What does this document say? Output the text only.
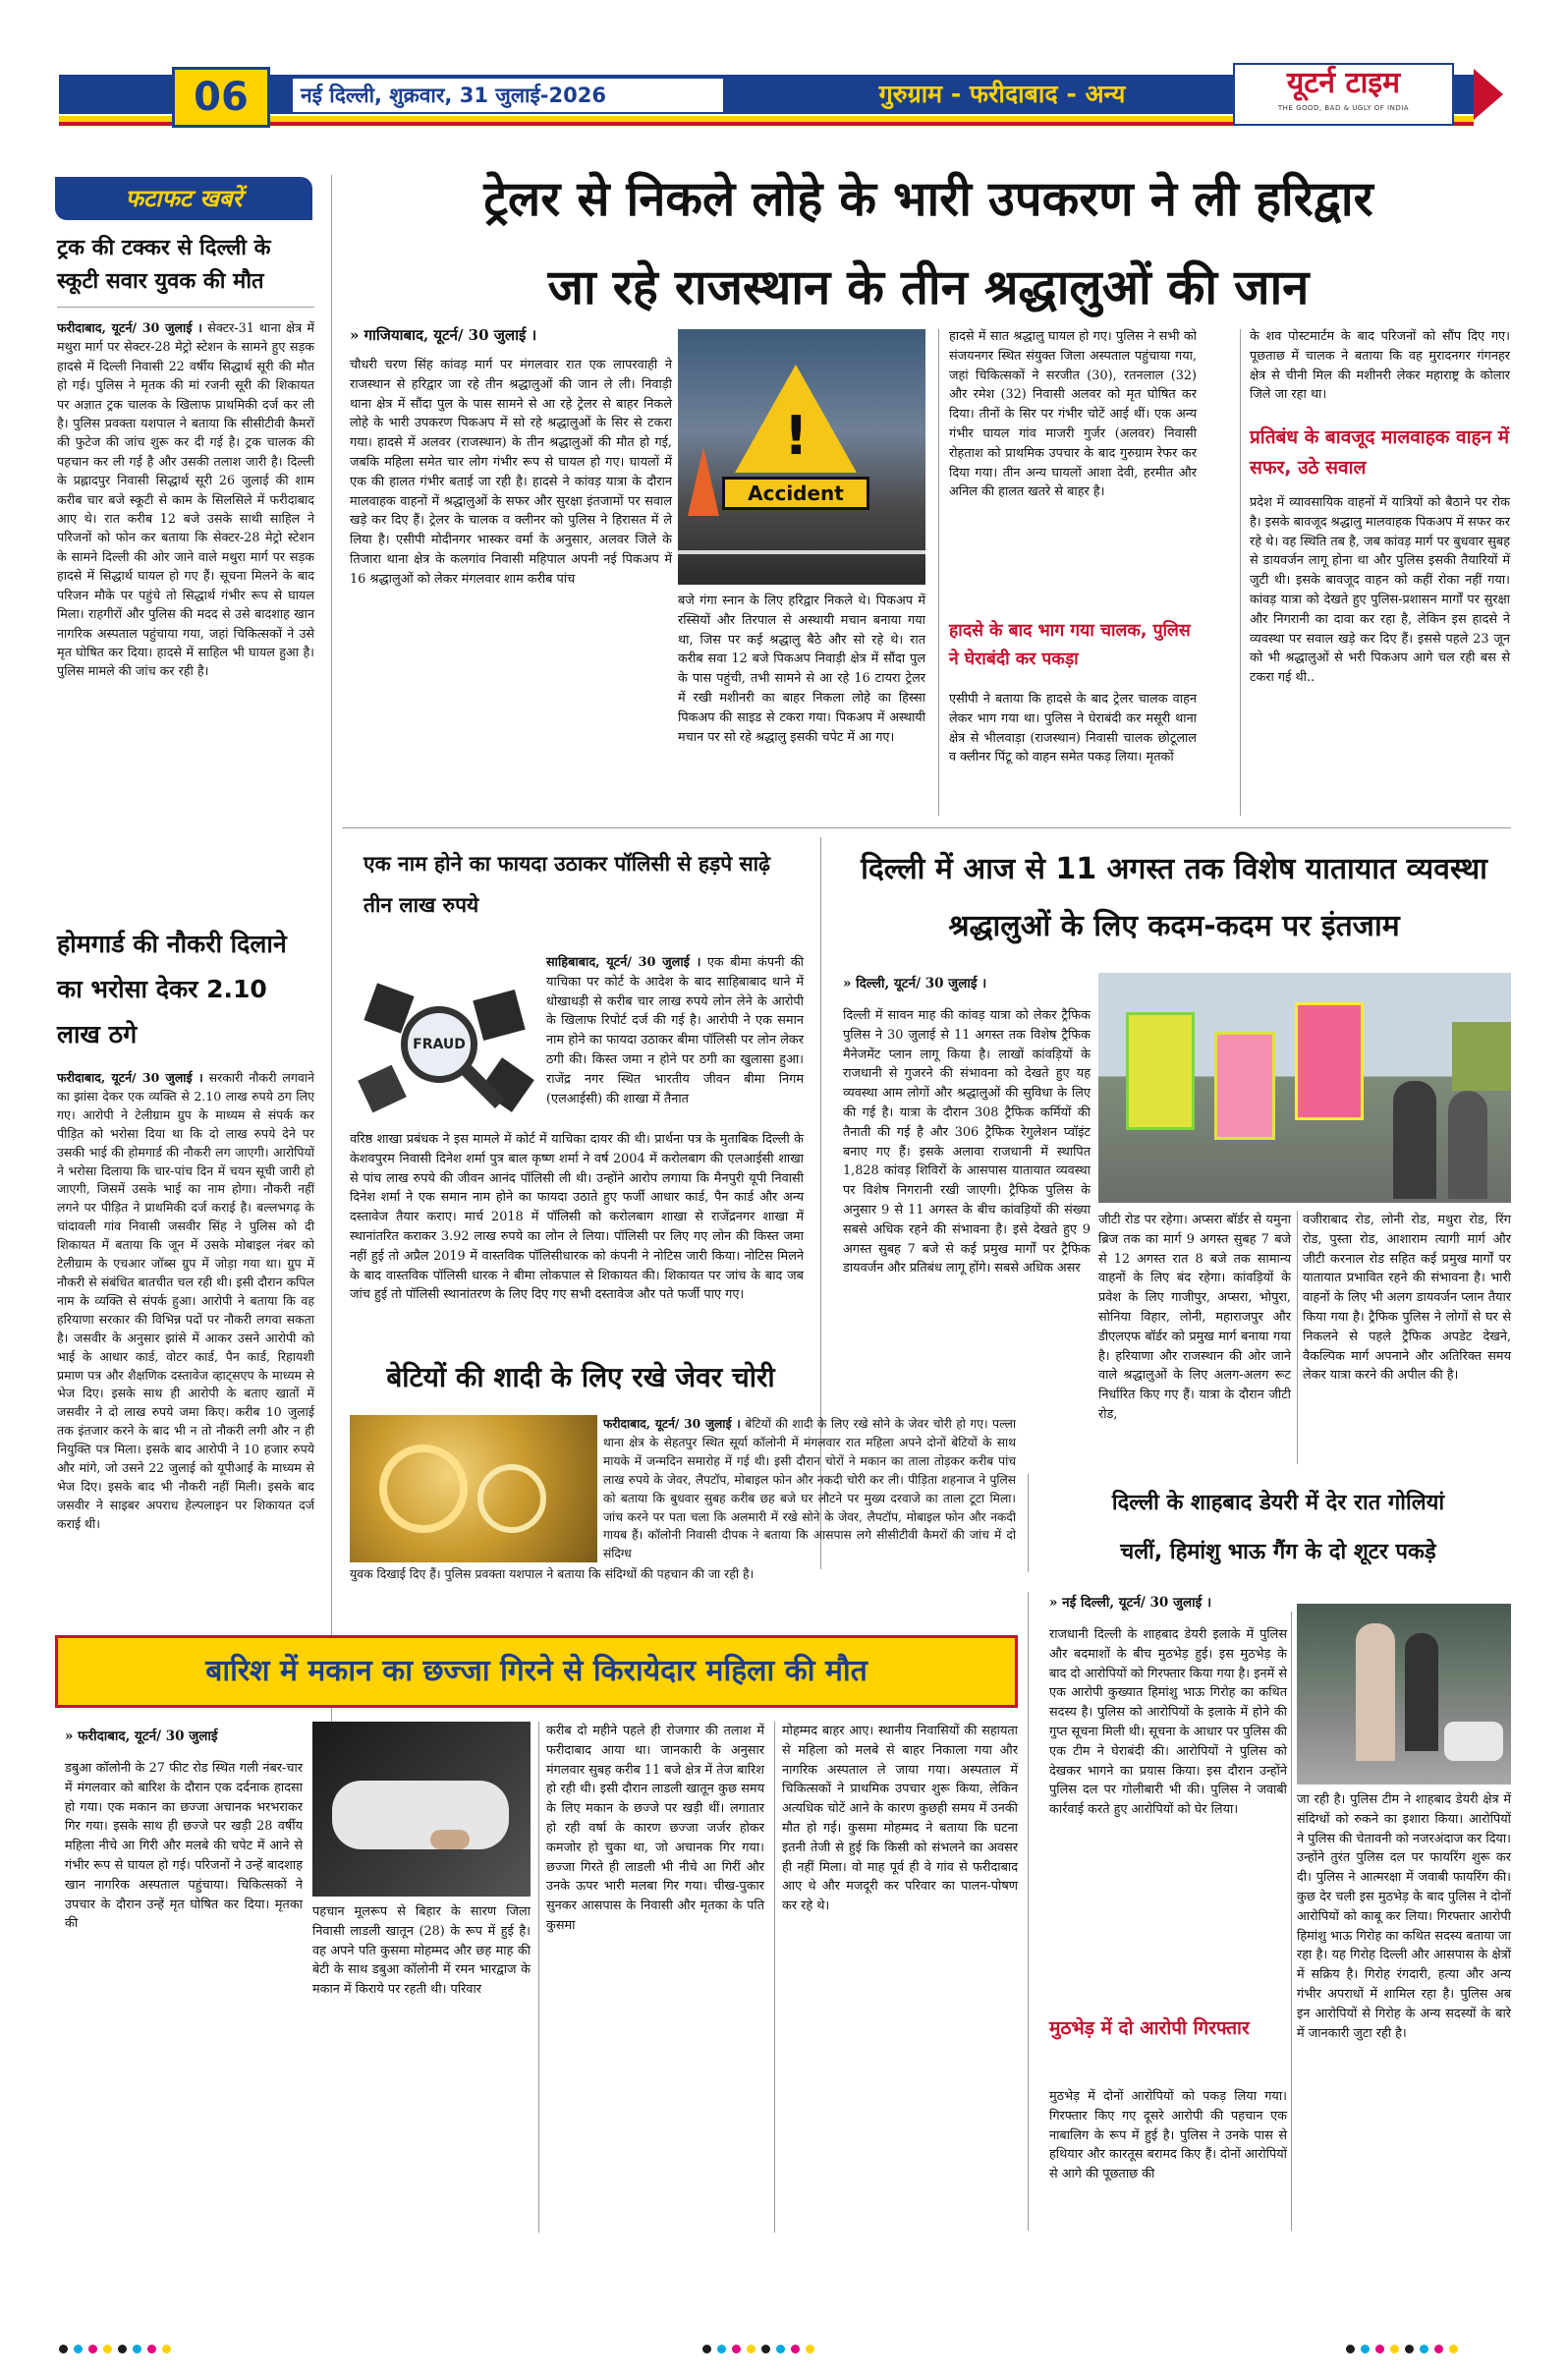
06	नई दिल्ली, शुक्रवार, 31 जुलाई-2026	गुरुग्राम - फरीदाबाद - अन्य	यूटर्न टाइम
THE GOOD, BAD & UGLY OF INDIA
फटाफट खबरें
ट्रक की टक्कर से दिल्ली के स्कूटी सवार युवक की मौत
फरीदाबाद, यूटर्न/ 30 जुलाई । सेक्टर-31 थाना क्षेत्र में मथुरा मार्ग पर सेक्टर-28 मेट्रो स्टेशन के सामने हुए सड़क हादसे में दिल्ली निवासी 22 वर्षीय सिद्धार्थ सूरी की मौत हो गई। पुलिस ने मृतक की मां रजनी सूरी की शिकायत पर अज्ञात ट्रक चालक के खिलाफ प्राथमिकी दर्ज कर ली है। पुलिस प्रवक्ता यशपाल ने बताया कि सीसीटीवी कैमरों की फुटेज की जांच शुरू कर दी गई है। ट्रक चालक की पहचान कर ली गई है और उसकी तलाश जारी है। दिल्ली के प्रह्लादपुर निवासी सिद्धार्थ सूरी 26 जुलाई की शाम करीब चार बजे स्कूटी से काम के सिलसिले में फरीदाबाद आए थे। रात करीब 12 बजे उसके साथी साहिल ने परिजनों को फोन कर बताया कि सेक्टर-28 मेट्रो स्टेशन के सामने दिल्ली की ओर जाने वाले मथुरा मार्ग पर सड़क हादसे में सिद्धार्थ घायल हो गए हैं। सूचना मिलने के बाद परिजन मौके पर पहुंचे तो सिद्धार्थ गंभीर रूप से घायल मिला। राहगीरों और पुलिस की मदद से उसे बादशाह खान नागरिक अस्पताल पहुंचाया गया, जहां चिकित्सकों ने उसे मृत घोषित कर दिया। हादसे में साहिल भी घायल हुआ है। पुलिस मामले की जांच कर रही है।
होमगार्ड की नौकरी दिलाने का भरोसा देकर 2.10 लाख ठगे
फरीदाबाद, यूटर्न/ 30 जुलाई । सरकारी नौकरी लगवाने का झांसा देकर एक व्यक्ति से 2.10 लाख रुपये ठग लिए गए। आरोपी ने टेलीग्राम ग्रुप के माध्यम से संपर्क कर पीड़ित को भरोसा दिया था कि दो लाख रुपये देने पर उसकी भाई की होमगार्ड की नौकरी लग जाएगी। आरोपियों ने भरोसा दिलाया कि चार-पांच दिन में चयन सूची जारी हो जाएगी, जिसमें उसके भाई का नाम होगा। नौकरी नहीं लगने पर पीड़ित ने प्राथमिकी दर्ज कराई है। बल्लभगढ़ के चांदावली गांव निवासी जसवीर सिंह ने पुलिस को दी शिकायत में बताया कि जून में उसके मोबाइल नंबर को टेलीग्राम के एचआर जॉब्स ग्रुप में जोड़ा गया था। ग्रुप में नौकरी से संबंधित बातचीत चल रही थी। इसी दौरान कपिल नाम के व्यक्ति से संपर्क हुआ। आरोपी ने बताया कि वह हरियाणा सरकार की विभिन्न पदों पर नौकरी लगवा सकता है। जसवीर के अनुसार झांसे में आकर उसने आरोपी को भाई के आधार कार्ड, वोटर कार्ड, पैन कार्ड, रिहायशी प्रमाण पत्र और शैक्षणिक दस्तावेज व्हाट्सएप के माध्यम से भेज दिए। इसके साथ ही आरोपी के बताए खातों में जसवीर ने दो लाख रुपये जमा किए। करीब 10 जुलाई तक इंतजार करने के बाद भी न तो नौकरी लगी और न ही नियुक्ति पत्र मिला। इसके बाद आरोपी ने 10 हजार रुपये और मांगे, जो उसने 22 जुलाई को यूपीआई के माध्यम से भेज दिए। इसके बाद भी नौकरी नहीं मिली। इसके बाद जसवीर ने साइबर अपराध हेल्पलाइन पर शिकायत दर्ज कराई थी।
ट्रेलर से निकले लोहे के भारी उपकरण ने ली हरिद्वार
जा रहे राजस्थान के तीन श्रद्धालुओं की जान
» गाजियाबाद, यूटर्न/ 30 जुलाई ।
चौधरी चरण सिंह कांवड़ मार्ग पर मंगलवार रात एक लापरवाही ने राजस्थान से हरिद्वार जा रहे तीन श्रद्धालुओं की जान ले ली। निवाड़ी थाना क्षेत्र में सौंदा पुल के पास सामने से आ रहे ट्रेलर से बाहर निकले लोहे के भारी उपकरण पिकअप में सो रहे श्रद्धालुओं के सिर से टकरा गया। हादसे में अलवर (राजस्थान) के तीन श्रद्धालुओं की मौत हो गई, जबकि महिला समेत चार लोग गंभीर रूप से घायल हो गए। घायलों में एक की हालत गंभीर बताई जा रही है। हादसे ने कांवड़ यात्रा के दौरान मालवाहक वाहनों में श्रद्धालुओं के सफर और सुरक्षा इंतजामों पर सवाल खड़े कर दिए हैं। ट्रेलर के चालक व क्लीनर को पुलिस ने हिरासत में ले लिया है। एसीपी मोदीनगर भास्कर वर्मा के अनुसार, अलवर जिले के तिजारा थाना क्षेत्र के कलगांव निवासी महिपाल अपनी नई पिकअप में 16 श्रद्धालुओं को लेकर मंगलवार शाम करीब पांच
!
Accident
बजे गंगा स्नान के लिए हरिद्वार निकले थे। पिकअप में रस्सियों और तिरपाल से अस्थायी मचान बनाया गया था, जिस पर कई श्रद्धालु बैठे और सो रहे थे। रात करीब सवा 12 बजे पिकअप निवाड़ी क्षेत्र में सौंदा पुल के पास पहुंची, तभी सामने से आ रहे 16 टायरा ट्रेलर में रखी मशीनरी का बाहर निकला लोहे का हिस्सा पिकअप की साइड से टकरा गया। पिकअप में अस्थायी मचान पर सो रहे श्रद्धालु इसकी चपेट में आ गए।
हादसे में सात श्रद्धालु घायल हो गए। पुलिस ने सभी को संजयनगर स्थित संयुक्त जिला अस्पताल पहुंचाया गया, जहां चिकित्सकों ने सरजीत (30), रतनलाल (32) और रमेश (32) निवासी अलवर को मृत घोषित कर दिया। तीनों के सिर पर गंभीर चोटें आई थीं। एक अन्य गंभीर घायल गांव माजरी गुर्जर (अलवर) निवासी रोहताश को प्राथमिक उपचार के बाद गुरुग्राम रेफर कर दिया गया। तीन अन्य घायलों आशा देवी, हरमीत और अनिल की हालत खतरे से बाहर है।
हादसे के बाद भाग गया चालक, पुलिस ने घेराबंदी कर पकड़ा
एसीपी ने बताया कि हादसे के बाद ट्रेलर चालक वाहन लेकर भाग गया था। पुलिस ने घेराबंदी कर मसूरी थाना क्षेत्र से भीलवाड़ा (राजस्थान) निवासी चालक छोटूलाल व क्लीनर पिंटू को वाहन समेत पकड़ लिया। मृतकों
के शव पोस्टमार्टम के बाद परिजनों को सौंप दिए गए। पूछताछ में चालक ने बताया कि वह मुरादनगर गंगनहर क्षेत्र से चीनी मिल की मशीनरी लेकर महाराष्ट्र के कोलार जिले जा रहा था।
प्रतिबंध के बावजूद मालवाहक वाहन में सफर, उठे सवाल
प्रदेश में व्यावसायिक वाहनों में यात्रियों को बैठाने पर रोक है। इसके बावजूद श्रद्धालु मालवाहक पिकअप में सफर कर रहे थे। वह स्थिति तब है, जब कांवड़ मार्ग पर बुधवार सुबह से डायवर्जन लागू होना था और पुलिस इसकी तैयारियों में जुटी थी। इसके बावजूद वाहन को कहीं रोका नहीं गया। कांवड़ यात्रा को देखते हुए पुलिस-प्रशासन मार्गों पर सुरक्षा और निगरानी का दावा कर रहा है, लेकिन इस हादसे ने व्यवस्था पर सवाल खड़े कर दिए हैं। इससे पहले 23 जून को भी श्रद्धालुओं से भरी पिकअप आगे चल रही बस से टकरा गई थी..
एक नाम होने का फायदा उठाकर पॉलिसी से हड़पे साढ़े तीन लाख रुपये
FRAUD
साहिबाबाद, यूटर्न/ 30 जुलाई । एक बीमा कंपनी की याचिका पर कोर्ट के आदेश के बाद साहिबाबाद थाने में धोखाधड़ी से करीब चार लाख रुपये लोन लेने के आरोपी के खिलाफ रिपोर्ट दर्ज की गई है। आरोपी ने एक समान नाम होने का फायदा उठाकर बीमा पॉलिसी पर लोन लेकर ठगी की। किस्त जमा न होने पर ठगी का खुलासा हुआ। राजेंद्र नगर स्थित भारतीय जीवन बीमा निगम (एलआईसी) की शाखा में तैनात
वरिष्ठ शाखा प्रबंधक ने इस मामले में कोर्ट में याचिका दायर की थी। प्रार्थना पत्र के मुताबिक दिल्ली के केशवपुरम निवासी दिनेश शर्मा पुत्र बाल कृष्ण शर्मा ने वर्ष 2004 में करोलबाग की एलआईसी शाखा से पांच लाख रुपये की जीवन आनंद पॉलिसी ली थी। उन्होंने आरोप लगाया कि मैनपुरी यूपी निवासी दिनेश शर्मा ने एक समान नाम होने का फायदा उठाते हुए फर्जी आधार कार्ड, पैन कार्ड और अन्य दस्तावेज तैयार कराए। मार्च 2018 में पॉलिसी को करोलबाग शाखा से राजेंद्रनगर शाखा में स्थानांतरित कराकर 3.92 लाख रुपये का लोन ले लिया। पॉलिसी पर लिए गए लोन की किस्त जमा नहीं हुई तो अप्रैल 2019 में वास्तविक पॉलिसीधारक को कंपनी ने नोटिस जारी किया। नोटिस मिलने के बाद वास्तविक पॉलिसी धारक ने बीमा लोकपाल से शिकायत की। शिकायत पर जांच के बाद जब जांच हुई तो पॉलिसी स्थानांतरण के लिए दिए गए सभी दस्तावेज और पते फर्जी पाए गए।
दिल्ली में आज से 11 अगस्त तक विशेष यातायात व्यवस्था
श्रद्धालुओं के लिए कदम-कदम पर इंतजाम
» दिल्ली, यूटर्न/ 30 जुलाई ।
दिल्ली में सावन माह की कांवड़ यात्रा को लेकर ट्रैफिक पुलिस ने 30 जुलाई से 11 अगस्त तक विशेष ट्रैफिक मैनेजमेंट प्लान लागू किया है। लाखों कांवड़ियों के राजधानी से गुजरने की संभावना को देखते हुए यह व्यवस्था आम लोगों और श्रद्धालुओं की सुविधा के लिए की गई है। यात्रा के दौरान 308 ट्रैफिक कर्मियों की तैनाती की गई है और 306 ट्रैफिक रेगुलेशन प्वॉइंट बनाए गए हैं। इसके अलावा राजधानी में स्थापित 1,828 कांवड़ शिविरों के आसपास यातायात व्यवस्था पर विशेष निगरानी रखी जाएगी। ट्रैफिक पुलिस के अनुसार 9 से 11 अगस्त के बीच कांवड़ियों की संख्या सबसे अधिक रहने की संभावना है। इसे देखते हुए 9 अगस्त सुबह 7 बजे से कई प्रमुख मार्गों पर ट्रैफिक डायवर्जन और प्रतिबंध लागू होंगे। सबसे अधिक असर
जीटी रोड पर रहेगा। अप्सरा बॉर्डर से यमुना ब्रिज तक का मार्ग 9 अगस्त सुबह 7 बजे से 12 अगस्त रात 8 बजे तक सामान्य वाहनों के लिए बंद रहेगा। कांवड़ियों के प्रवेश के लिए गाजीपुर, अप्सरा, भोपुरा, सोनिया विहार, लोनी, महाराजपुर और डीएलएफ बॉर्डर को प्रमुख मार्ग बनाया गया है। हरियाणा और राजस्थान की ओर जाने वाले श्रद्धालुओं के लिए अलग-अलग रूट निर्धारित किए गए हैं। यात्रा के दौरान जीटी रोड,
वजीराबाद रोड, लोनी रोड, मथुरा रोड, रिंग रोड, पुस्ता रोड, आशाराम त्यागी मार्ग और जीटी करनाल रोड सहित कई प्रमुख मार्गों पर यातायात प्रभावित रहने की संभावना है। भारी वाहनों के लिए भी अलग डायवर्जन प्लान तैयार किया गया है। ट्रैफिक पुलिस ने लोगों से घर से निकलने से पहले ट्रैफिक अपडेट देखने, वैकल्पिक मार्ग अपनाने और अतिरिक्त समय लेकर यात्रा करने की अपील की है।
बेटियों की शादी के लिए रखे जेवर चोरी
फरीदाबाद, यूटर्न/ 30 जुलाई । बेटियों की शादी के लिए रखे सोने के जेवर चोरी हो गए। पल्ला थाना क्षेत्र के सेहतपुर स्थित सूर्या कॉलोनी में मंगलवार रात महिला अपने दोनों बेटियों के साथ मायके में जन्मदिन समारोह में गई थी। इसी दौरान चोरों ने मकान का ताला तोड़कर करीब पांच लाख रुपये के जेवर, लैपटॉप, मोबाइल फोन और नकदी चोरी कर ली। पीड़िता शहनाज ने पुलिस को बताया कि बुधवार सुबह करीब छह बजे घर लौटने पर मुख्य दरवाजे का ताला टूटा मिला। जांच करने पर पता चला कि अलमारी में रखे सोने के जेवर, लैपटॉप, मोबाइल फोन और नकदी गायब हैं। कॉलोनी निवासी दीपक ने बताया कि आसपास लगे सीसीटीवी कैमरों की जांच में दो संदिग्ध
युवक दिखाई दिए हैं। पुलिस प्रवक्ता यशपाल ने बताया कि संदिग्धों की पहचान की जा रही है।
दिल्ली के शाहबाद डेयरी में देर रात गोलियां
चलीं, हिमांशु भाऊ गैंग के दो शूटर पकड़े
» नई दिल्ली, यूटर्न/ 30 जुलाई ।
राजधानी दिल्ली के शाहबाद डेयरी इलाके में पुलिस और बदमाशों के बीच मुठभेड़ हुई। इस मुठभेड़ के बाद दो आरोपियों को गिरफ्तार किया गया है। इनमें से एक आरोपी कुख्यात हिमांशु भाऊ गिरोह का कथित सदस्य है। पुलिस को आरोपियों के इलाके में होने की गुप्त सूचना मिली थी। सूचना के आधार पर पुलिस की एक टीम ने घेराबंदी की। आरोपियों ने पुलिस को देखकर भागने का प्रयास किया। इस दौरान उन्होंने पुलिस दल पर गोलीबारी भी की। पुलिस ने जवाबी कार्रवाई करते हुए आरोपियों को घेर लिया।
मुठभेड़ में दो आरोपी गिरफ्तार
मुठभेड़ में दोनों आरोपियों को पकड़ लिया गया। गिरफ्तार किए गए दूसरे आरोपी की पहचान एक नाबालिग के रूप में हुई है। पुलिस ने उनके पास से हथियार और कारतूस बरामद किए हैं। दोनों आरोपियों से आगे की पूछताछ की
जा रही है। पुलिस टीम ने शाहबाद डेयरी क्षेत्र में संदिग्धों को रुकने का इशारा किया। आरोपियों ने पुलिस की चेतावनी को नजरअंदाज कर दिया। उन्होंने तुरंत पुलिस दल पर फायरिंग शुरू कर दी। पुलिस ने आत्मरक्षा में जवाबी फायरिंग की। कुछ देर चली इस मुठभेड़ के बाद पुलिस ने दोनों आरोपियों को काबू कर लिया। गिरफ्तार आरोपी हिमांशु भाऊ गिरोह का कथित सदस्य बताया जा रहा है। यह गिरोह दिल्ली और आसपास के क्षेत्रों में सक्रिय है। गिरोह रंगदारी, हत्या और अन्य गंभीर अपराधों में शामिल रहा है। पुलिस अब इन आरोपियों से गिरोह के अन्य सदस्यों के बारे में जानकारी जुटा रही है।
बारिश में मकान का छज्जा गिरने से किरायेदार महिला की मौत
» फरीदाबाद, यूटर्न/ 30 जुलाई
डबुआ कॉलोनी के 27 फीट रोड स्थित गली नंबर-चार में मंगलवार को बारिश के दौरान एक दर्दनाक हादसा हो गया। एक मकान का छज्जा अचानक भरभराकर गिर गया। इसके साथ ही छज्जे पर खड़ी 28 वर्षीय महिला नीचे आ गिरी और मलबे की चपेट में आने से गंभीर रूप से घायल हो गई। परिजनों ने उन्हें बादशाह खान नागरिक अस्पताल पहुंचाया। चिकित्सकों ने उपचार के दौरान उन्हें मृत घोषित कर दिया। मृतका की
पहचान मूलरूप से बिहार के सारण जिला निवासी लाडली खातून (28) के रूप में हुई है। वह अपने पति कुसमा मोहम्मद और छह माह की बेटी के साथ डबुआ कॉलोनी में रमन भारद्वाज के मकान में किराये पर रहती थी। परिवार
करीब दो महीने पहले ही रोजगार की तलाश में फरीदाबाद आया था। जानकारी के अनुसार मंगलवार सुबह करीब 11 बजे क्षेत्र में तेज बारिश हो रही थी। इसी दौरान लाडली खातून कुछ समय के लिए मकान के छज्जे पर खड़ी थीं। लगातार हो रही वर्षा के कारण छज्जा जर्जर होकर कमजोर हो चुका था, जो अचानक गिर गया। छज्जा गिरते ही लाडली भी नीचे आ गिरीं और उनके ऊपर भारी मलबा गिर गया। चीख-पुकार सुनकर आसपास के निवासी और मृतका के पति कुसमा
मोहम्मद बाहर आए। स्थानीय निवासियों की सहायता से महिला को मलबे से बाहर निकाला गया और नागरिक अस्पताल ले जाया गया। अस्पताल में चिकित्सकों ने प्राथमिक उपचार शुरू किया, लेकिन अत्यधिक चोटें आने के कारण कुछही समय में उनकी मौत हो गई। कुसमा मोहम्मद ने बताया कि घटना इतनी तेजी से हुई कि किसी को संभलने का अवसर ही नहीं मिला। वो माह पूर्व ही वे गांव से फरीदाबाद आए थे और मजदूरी कर परिवार का पालन-पोषण कर रहे थे।
